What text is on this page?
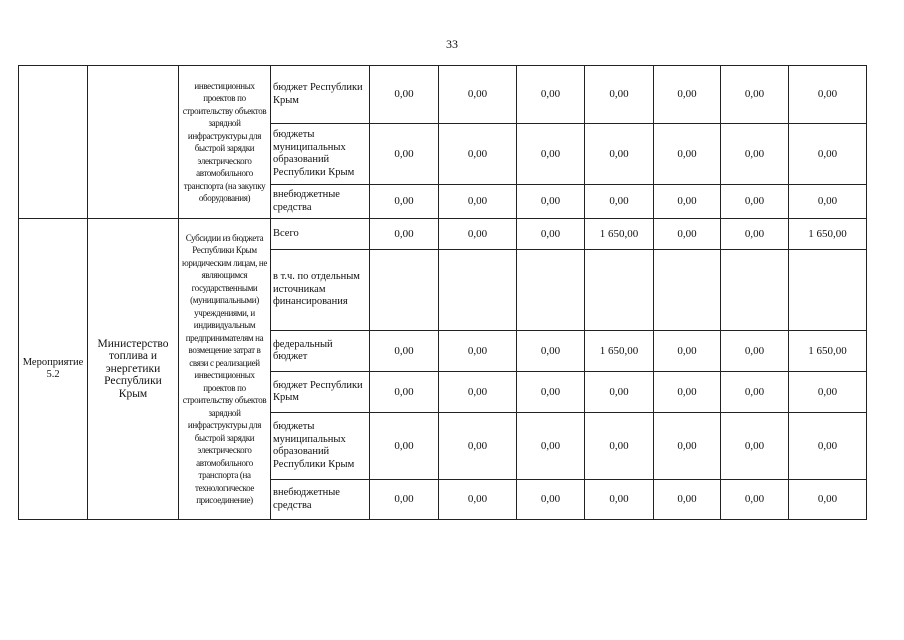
33
		инвестиционных проектов по строительству объектов зарядной инфраструктуры для быстрой зарядки электрического автомобильного транспорта (на закупку оборудования)	бюджет Республики Крым	0,00	0,00	0,00	0,00	0,00	0,00	0,00
			бюджеты муниципальных образований Республики Крым	0,00	0,00	0,00	0,00	0,00	0,00	0,00
			внебюджетные средства	0,00	0,00	0,00	0,00	0,00	0,00	0,00
Мероприятие 5.2	Министерство топлива и энергетики Республики Крым	Субсидии из бюджета Республики Крым юридическим лицам, не являющимся государственными (муниципальными) учреждениями, и индивидуальным предпринимателям на возмещение затрат в связи с реализацией инвестиционных проектов по строительству объектов зарядной инфраструктуры для быстрой зарядки электрического автомобильного транспорта (на технологическое присоединение)	Всего	0,00	0,00	0,00	1 650,00	0,00	0,00	1 650,00
			в т.ч. по отдельным источникам финансирования							
			федеральный бюджет	0,00	0,00	0,00	1 650,00	0,00	0,00	1 650,00
			бюджет Республики Крым	0,00	0,00	0,00	0,00	0,00	0,00	0,00
			бюджеты муниципальных образований Республики Крым	0,00	0,00	0,00	0,00	0,00	0,00	0,00
			внебюджетные средства	0,00	0,00	0,00	0,00	0,00	0,00	0,00
